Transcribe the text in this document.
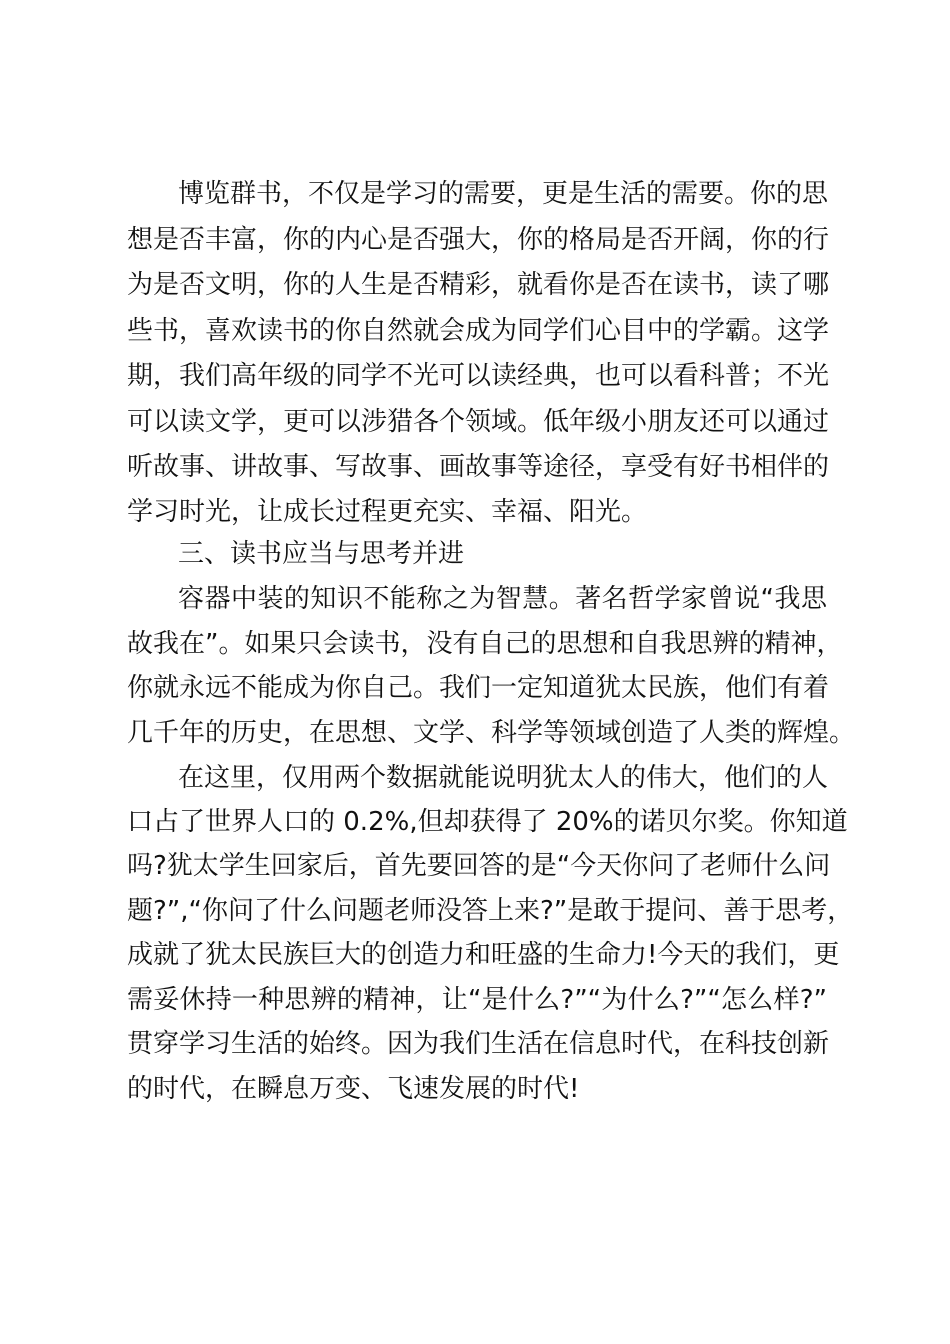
博览群书，不仅是学习的需要，更是生活的需要。你的思

想是否丰富，你的内心是否强大，你的格局是否开阔，你的行

为是否文明，你的人生是否精彩，就看你是否在读书，读了哪

些书，喜欢读书的你自然就会成为同学们心目中的学霸。这学

期，我们高年级的同学不光可以读经典，也可以看科普；不光

可以读文学，更可以涉猎各个领域。低年级小朋友还可以通过

听故事、讲故事、写故事、画故事等途径，享受有好书相伴的

学习时光，让成长过程更充实、幸福、阳光。

三、读书应当与思考并进

容器中装的知识不能称之为智慧。著名哲学家曾说“我思

故我在”。如果只会读书，没有自己的思想和自我思辨的精神，

你就永远不能成为你自己。我们一定知道犹太民族，他们有着

几千年的历史，在思想、文学、科学等领域创造了人类的辉煌。

在这里，仅用两个数据就能说明犹太人的伟大，他们的人

口占了世界人口的 0.2%,但却获得了 20%的诺贝尔奖。你知道

吗?犹太学生回家后，首先要回答的是“今天你问了老师什么问

题?”,“你问了什么问题老师没答上来?”是敢于提问、善于思考，

成就了犹太民族巨大的创造力和旺盛的生命力!今天的我们，更

需妥休持一种思辨的精神，让“是什么?”“为什么?”“怎么样?”

贯穿学习生活的始终。因为我们生活在信息时代，在科技创新

的时代，在瞬息万变、飞速发展的时代!
